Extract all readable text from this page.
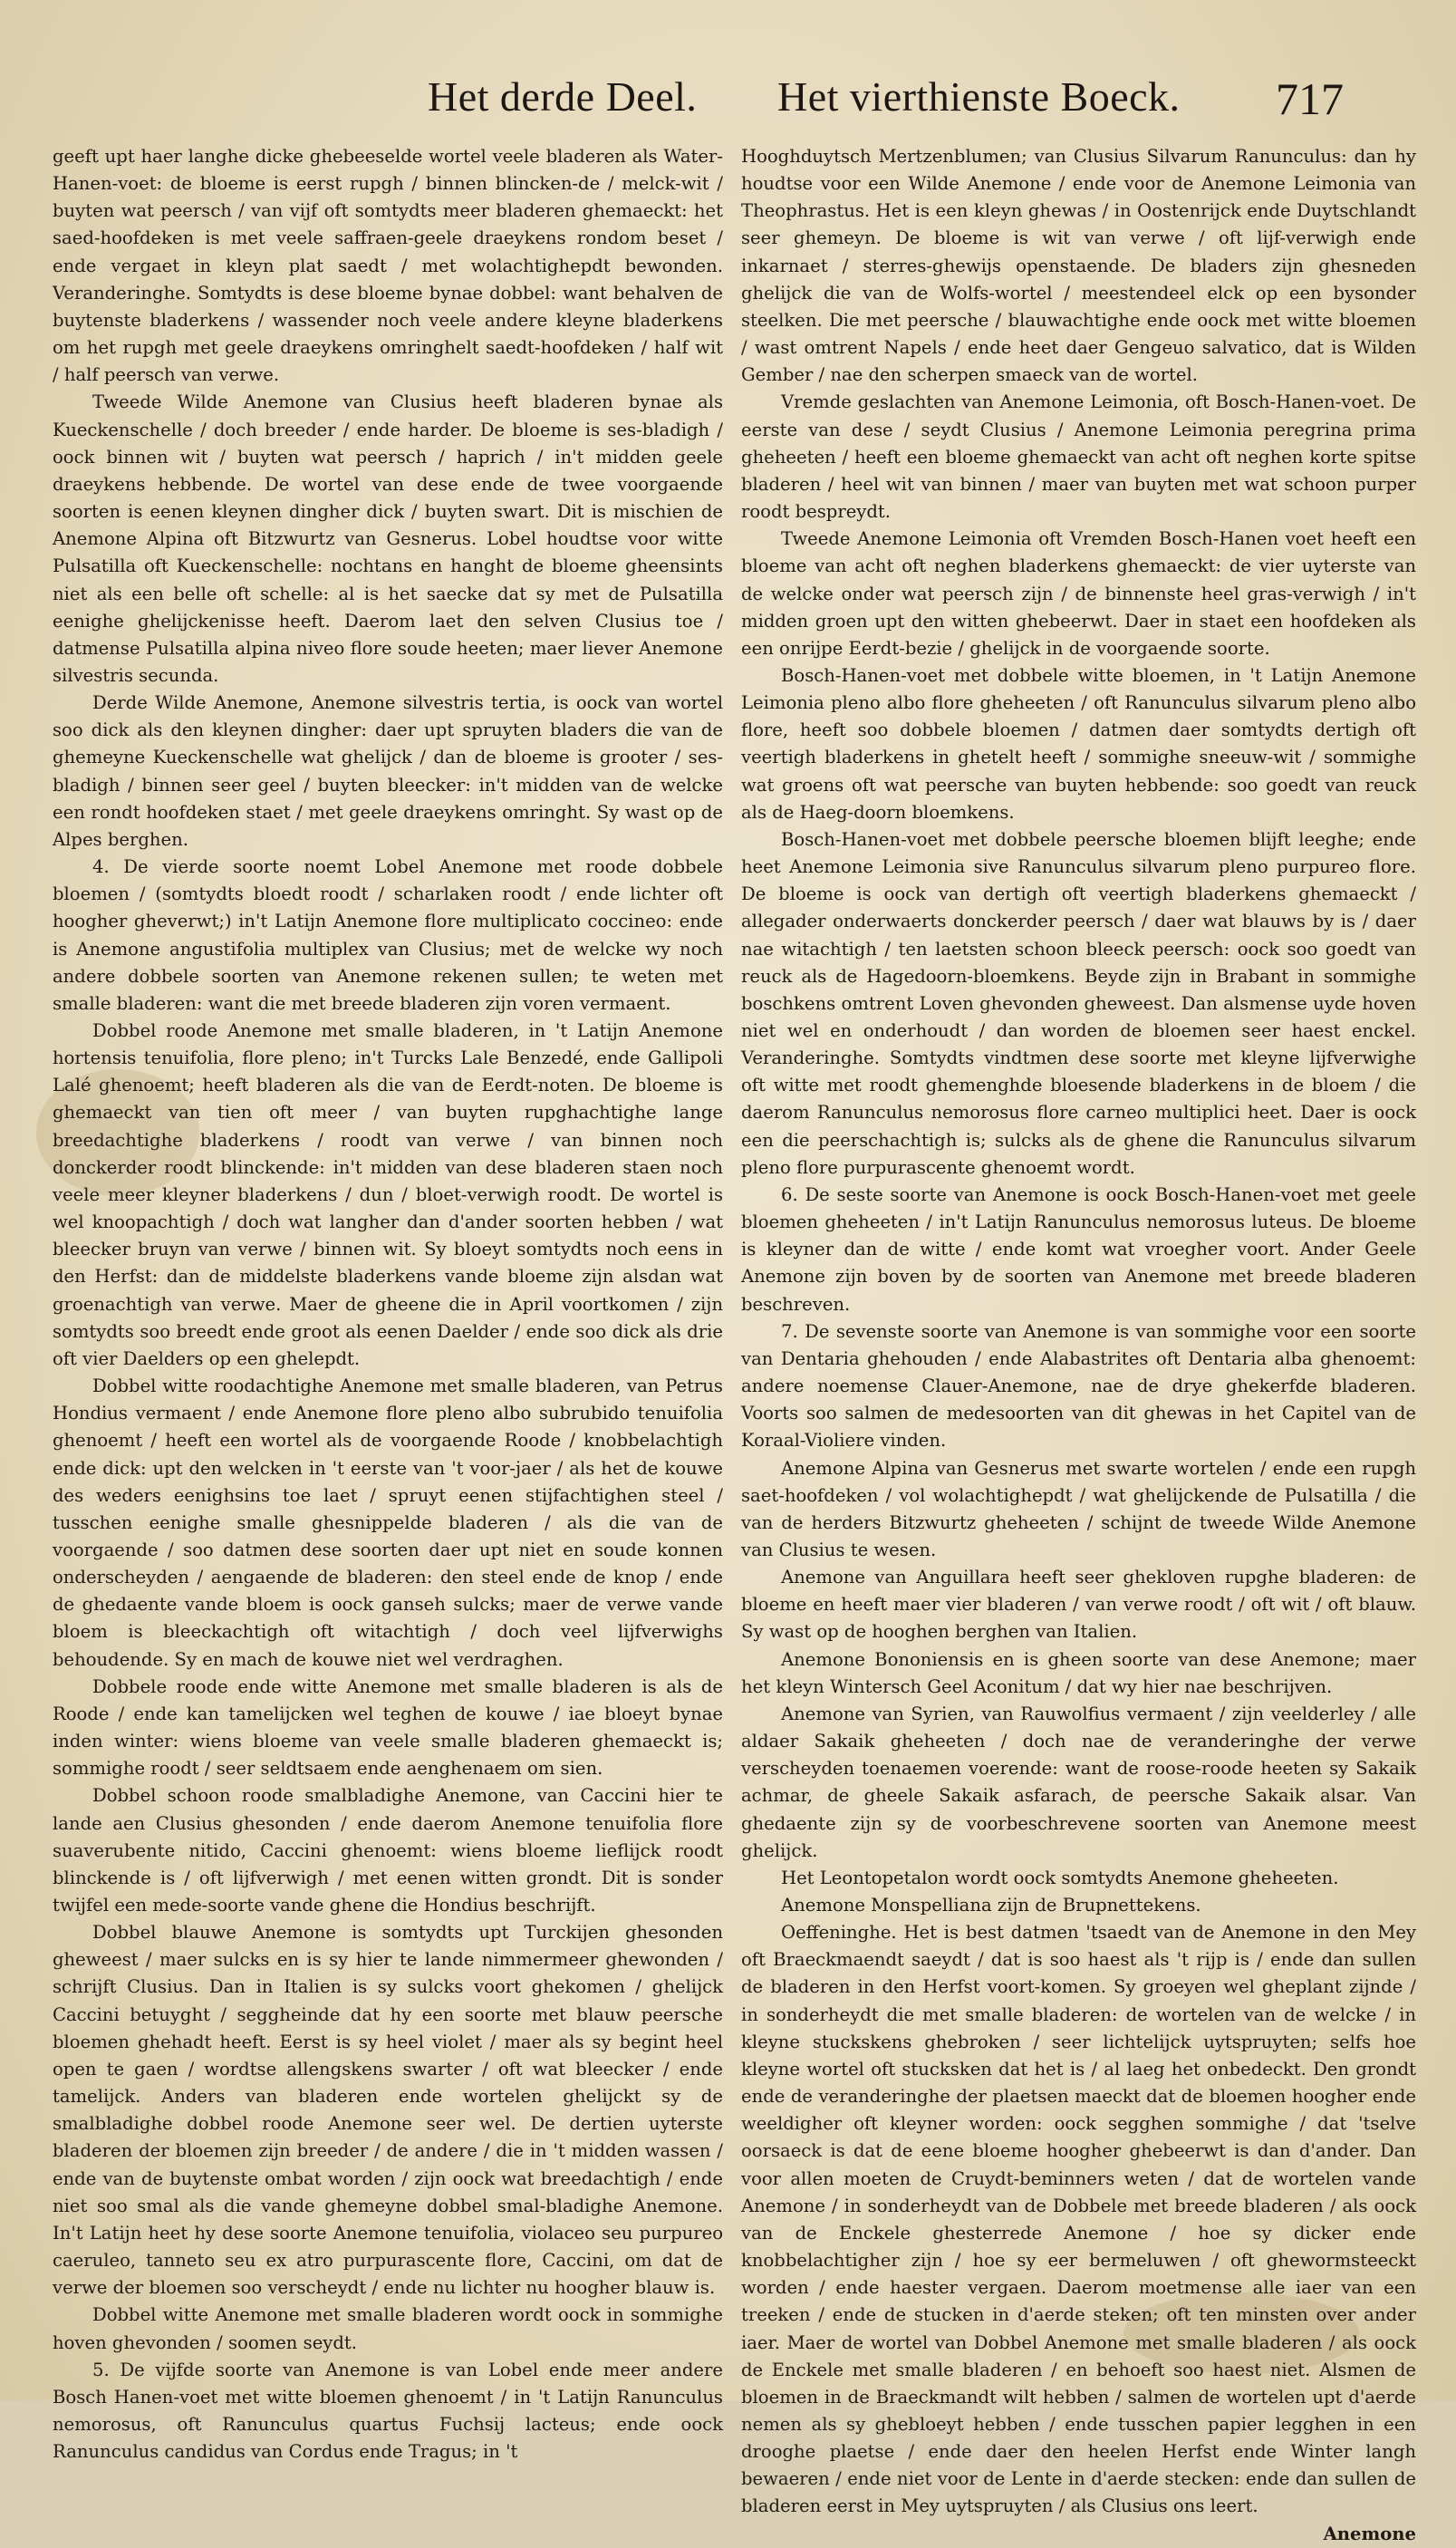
Het derde Deel. Het vierthienste Boeck. 717

geeft upt haer langhe dicke ghebeeselde wortel veele bladeren als Water-Hanen-voet: de bloeme is eerst rupgh / binnen blincken-de / melck-wit / buyten wat peersch / van vijf oft somtydts meer bladeren ghemaeckt: het saed-hoofdeken is met veele saffraen-geele draeykens rondom beset / ende vergaet in kleyn plat saedt / met wolachtighepdt bewonden. Veranderinghe. Somtydts is dese bloeme bynae dobbel: want behalven de buytenste bladerkens / wassender noch veele andere kleyne bladerkens om het rupgh met geele draeykens omringhelt saedt-hoofdeken / half wit / half peersch van verwe.

Tweede Wilde Anemone van Clusius heeft bladeren bynae als Kueckenschelle / doch breeder / ende harder. De bloeme is ses-bladigh / oock binnen wit / buyten wat peersch / haprich / in't midden geele draeykens hebbende. De wortel van dese ende de twee voorgaende soorten is eenen kleynen dingher dick / buyten swart. Dit is mischien de Anemone Alpina oft Bitzwurtz van Gesnerus. Lobel houdtse voor witte Pulsatilla oft Kueckenschelle: nochtans en hanght de bloeme gheensints niet als een belle oft schelle: al is het saecke dat sy met de Pulsatilla eenighe ghelijckenisse heeft. Daerom laet den selven Clusius toe / datmense Pulsatilla alpina niveo flore soude heeten; maer liever Anemone silvestris secunda.

Derde Wilde Anemone, Anemone silvestris tertia, is oock van wortel soo dick als den kleynen dingher: daer upt spruyten bladers die van de ghemeyne Kueckenschelle wat ghelijck / dan de bloeme is grooter / ses-bladigh / binnen seer geel / buyten bleecker: in't midden van de welcke een rondt hoofdeken staet / met geele draeykens omringht. Sy wast op de Alpes berghen.

4. De vierde soorte noemt Lobel Anemone met roode dobbele bloemen / (somtydts bloedt roodt / scharlaken roodt / ende lichter oft hoogher gheverwt;) in't Latijn Anemone flore multiplicato coccineo: ende is Anemone angustifolia multiplex van Clusius; met de welcke wy noch andere dobbele soorten van Anemone rekenen sullen; te weten met smalle bladeren: want die met breede bladeren zijn voren vermaent.

Dobbel roode Anemone met smalle bladeren, in 't Latijn Anemone hortensis tenuifolia, flore pleno; in't Turcks Lale Benzedé, ende Gallipoli Lalé ghenoemt; heeft bladeren als die van de Eerdt-noten. De bloeme is ghemaeckt van tien oft meer / van buyten rupghachtighe lange breedachtighe bladerkens / roodt van verwe / van binnen noch donckerder roodt blinckende: in't midden van dese bladeren staen noch veele meer kleyner bladerkens / dun / bloet-verwigh roodt. De wortel is wel knoopachtigh / doch wat langher dan d'ander soorten hebben / wat bleecker bruyn van verwe / binnen wit. Sy bloeyt somtydts noch eens in den Herfst: dan de middelste bladerkens vande bloeme zijn alsdan wat groenachtigh van verwe. Maer de gheene die in April voortkomen / zijn somtydts soo breedt ende groot als eenen Daelder / ende soo dick als drie oft vier Daelders op een ghelepdt.

Dobbel witte roodachtighe Anemone met smalle bladeren, van Petrus Hondius vermaent / ende Anemone flore pleno albo subrubido tenuifolia ghenoemt / heeft een wortel als de voorgaende Roode / knobbelachtigh ende dick: upt den welcken in 't eerste van 't voor-jaer / als het de kouwe des weders eenighsins toe laet / spruyt eenen stijfachtighen steel / tusschen eenighe smalle ghesnippelde bladeren / als die van de voorgaende / soo datmen dese soorten daer upt niet en soude konnen onderscheyden / aengaende de bladeren: den steel ende de knop / ende de ghedaente vande bloem is oock ganseh sulcks; maer de verwe vande bloem is bleeckachtigh oft witachtigh / doch veel lijfverwighs behoudende. Sy en mach de kouwe niet wel verdraghen.

Dobbele roode ende witte Anemone met smalle bladeren is als de Roode / ende kan tamelijcken wel teghen de kouwe / iae bloeyt bynae inden winter: wiens bloeme van veele smalle bladeren ghemaeckt is; sommighe roodt / seer seldtsaem ende aenghenaem om sien.

Dobbel schoon roode smalbladighe Anemone, van Caccini hier te lande aen Clusius ghesonden / ende daerom Anemone tenuifolia flore suaverubente nitido, Caccini ghenoemt: wiens bloeme lieflijck roodt blinckende is / oft lijfverwigh / met eenen witten grondt. Dit is sonder twijfel een mede-soorte vande ghene die Hondius beschrijft.

Dobbel blauwe Anemone is somtydts upt Turckijen ghesonden gheweest / maer sulcks en is sy hier te lande nimmermeer ghewonden / schrijft Clusius. Dan in Italien is sy sulcks voort ghekomen / ghelijck Caccini betuyght / seggheinde dat hy een soorte met blauw peersche bloemen ghehadt heeft. Eerst is sy heel violet / maer als sy begint heel open te gaen / wordtse allengskens swarter / oft wat bleecker / ende tamelijck. Anders van bladeren ende wortelen ghelijckt sy de smalbladighe dobbel roode Anemone seer wel. De dertien uyterste bladeren der bloemen zijn breeder / de andere / die in 't midden wassen / ende van de buytenste ombat worden / zijn oock wat breedachtigh / ende niet soo smal als die vande ghemeyne dobbel smal-bladighe Anemone. In't Latijn heet hy dese soorte Anemone tenuifolia, violaceo seu purpureo caeruleo, tanneto seu ex atro purpurascente flore, Caccini, om dat de verwe der bloemen soo verscheydt / ende nu lichter nu hoogher blauw is.

Dobbel witte Anemone met smalle bladeren wordt oock in sommighe hoven ghevonden / soomen seydt.

5. De vijfde soorte van Anemone is van Lobel ende meer andere Bosch Hanen-voet met witte bloemen ghenoemt / in 't Latijn Ranunculus nemorosus, oft Ranunculus quartus Fuchsij lacteus; ende oock Ranunculus candidus van Cordus ende Tragus; in 't

Hooghduytsch Mertzenblumen; van Clusius Silvarum Ranunculus: dan hy houdtse voor een Wilde Anemone / ende voor de Anemone Leimonia van Theophrastus. Het is een kleyn ghewas / in Oostenrijck ende Duytschlandt seer ghemeyn. De bloeme is wit van verwe / oft lijf-verwigh ende inkarnaet / sterres-ghewijs openstaende. De bladers zijn ghesneden ghelijck die van de Wolfs-wortel / meestendeel elck op een bysonder steelken. Die met peersche / blauwachtighe ende oock met witte bloemen / wast omtrent Napels / ende heet daer Gengeuo salvatico, dat is Wilden Gember / nae den scherpen smaeck van de wortel.

Vremde geslachten van Anemone Leimonia, oft Bosch-Hanen-voet. De eerste van dese / seydt Clusius / Anemone Leimonia peregrina prima gheheeten / heeft een bloeme ghemaeckt van acht oft neghen korte spitse bladeren / heel wit van binnen / maer van buyten met wat schoon purper roodt bespreydt.

Tweede Anemone Leimonia oft Vremden Bosch-Hanen voet heeft een bloeme van acht oft neghen bladerkens ghemaeckt: de vier uyterste van de welcke onder wat peersch zijn / de binnenste heel gras-verwigh / in't midden groen upt den witten ghebeerwt. Daer in staet een hoofdeken als een onrijpe Eerdt-bezie / ghelijck in de voorgaende soorte.

Bosch-Hanen-voet met dobbele witte bloemen, in 't Latijn Anemone Leimonia pleno albo flore gheheeten / oft Ranunculus silvarum pleno albo flore, heeft soo dobbele bloemen / datmen daer somtydts dertigh oft veertigh bladerkens in ghetelt heeft / sommighe sneeuw-wit / sommighe wat groens oft wat peersche van buyten hebbende: soo goedt van reuck als de Haeg-doorn bloemkens.

Bosch-Hanen-voet met dobbele peersche bloemen blijft leeghe; ende heet Anemone Leimonia sive Ranunculus silvarum pleno purpureo flore. De bloeme is oock van dertigh oft veertigh bladerkens ghemaeckt / allegader onderwaerts donckerder peersch / daer wat blauws by is / daer nae witachtigh / ten laetsten schoon bleeck peersch: oock soo goedt van reuck als de Hagedoorn-bloemkens. Beyde zijn in Brabant in sommighe boschkens omtrent Loven ghevonden gheweest. Dan alsmense uyde hoven niet wel en onderhoudt / dan worden de bloemen seer haest enckel. Veranderinghe. Somtydts vindtmen dese soorte met kleyne lijfverwighe oft witte met roodt ghemenghde bloesende bladerkens in de bloem / die daerom Ranunculus nemorosus flore carneo multiplici heet. Daer is oock een die peerschachtigh is; sulcks als de ghene die Ranunculus silvarum pleno flore purpurascente ghenoemt wordt.

6. De seste soorte van Anemone is oock Bosch-Hanen-voet met geele bloemen gheheeten / in't Latijn Ranunculus nemorosus luteus. De bloeme is kleyner dan de witte / ende komt wat vroegher voort. Ander Geele Anemone zijn boven by de soorten van Anemone met breede bladeren beschreven.

7. De sevenste soorte van Anemone is van sommighe voor een soorte van Dentaria ghehouden / ende Alabastrites oft Dentaria alba ghenoemt: andere noemense Clauer-Anemone, nae de drye ghekerfde bladeren. Voorts soo salmen de medesoorten van dit ghewas in het Capitel van de Koraal-Violiere vinden.

Anemone Alpina van Gesnerus met swarte wortelen / ende een rupgh saet-hoofdeken / vol wolachtighepdt / wat ghelijckende de Pulsatilla / die van de herders Bitzwurtz gheheeten / schijnt de tweede Wilde Anemone van Clusius te wesen.

Anemone van Anguillara heeft seer ghekloven rupghe bladeren: de bloeme en heeft maer vier bladeren / van verwe roodt / oft wit / oft blauw. Sy wast op de hooghen berghen van Italien.

Anemone Bononiensis en is gheen soorte van dese Anemone; maer het kleyn Wintersch Geel Aconitum / dat wy hier nae beschrijven.

Anemone van Syrien, van Rauwolfius vermaent / zijn veelderley / alle aldaer Sakaik gheheeten / doch nae de veranderinghe der verwe verscheyden toenaemen voerende: want de roose-roode heeten sy Sakaik achmar, de gheele Sakaik asfarach, de peersche Sakaik alsar. Van ghedaente zijn sy de voorbeschrevene soorten van Anemone meest ghelijck.

Het Leontopetalon wordt oock somtydts Anemone gheheeten.

Anemone Monspelliana zijn de Brupnettekens.

Oeffeninghe. Het is best datmen 'tsaedt van de Anemone in den Mey oft Braeckmaendt saeydt / dat is soo haest als 't rijp is / ende dan sullen de bladeren in den Herfst voort-komen. Sy groeyen wel gheplant zijnde / in sonderheydt die met smalle bladeren: de wortelen van de welcke / in kleyne stuckskens ghebroken / seer lichtelijck uytspruyten; selfs hoe kleyne wortel oft stucksken dat het is / al laeg het onbedeckt. Den grondt ende de veranderinghe der plaetsen maeckt dat de bloemen hoogher ende weeldigher oft kleyner worden: oock segghen sommighe / dat 'tselve oorsaeck is dat de eene bloeme hoogher ghebeerwt is dan d'ander. Dan voor allen moeten de Cruydt-beminners weten / dat de wortelen vande Anemone / in sonderheydt van de Dobbele met breede bladeren / als oock van de Enckele ghesterrede Anemone / hoe sy dicker ende knobbelachtigher zijn / hoe sy eer bermeluwen / oft ghewormsteeckt worden / ende haester vergaen. Daerom moetmense alle iaer van een treeken / ende de stucken in d'aerde steken; oft ten minsten over ander iaer. Maer de wortel van Dobbel Anemone met smalle bladeren / als oock de Enckele met smalle bladeren / en behoeft soo haest niet. Alsmen de bloemen in de Braeckmandt wilt hebben / salmen de wortelen upt d'aerde nemen als sy ghebloeyt hebben / ende tusschen papier legghen in een drooghe plaetse / ende daer den heelen Herfst ende Winter langh bewaeren / ende niet voor de Lente in d'aerde stecken: ende dan sullen de bladeren eerst in Mey uytspruyten / als Clusius ons leert.

Anemone
